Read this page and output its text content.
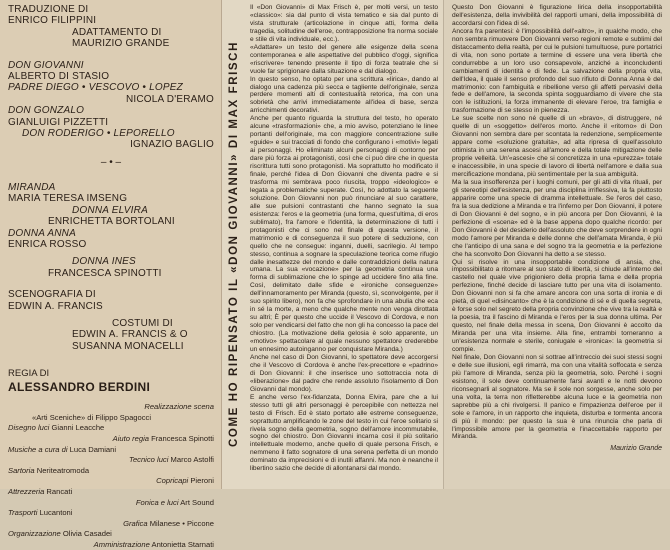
TRADUZIONE DI

ENRICO FILIPPINI

ADATTAMENTO DI

MAURIZIO GRANDE

DON GIOVANNI

ALBERTO DI STASIO

PADRE DIEGO • VESCOVO • LOPEZ

NICOLA D'ERAMO

DON GONZALO

GIANLUIGI PIZZETTI

DON RODERIGO • LEPORELLO

IGNAZIO BAGLIO

– • –

MIRANDA

MARIA TERESA IMSENG

DONNA ELVIRA

ENRICHETTA BORTOLANI

DONNA ANNA

ENRICA ROSSO

DONNA INES

FRANCESCA SPINOTTI

SCENOGRAFIA DI

EDWIN A. FRANCIS

COSTUMI DI

EDWIN A. FRANCIS & O

SUSANNA MONACELLI

REGIA DI

ALESSANDRO BERDINI

Realizzazione scena
«Arti Sceniche» di Filippo Spagocci
Disegno luci Gianni Leacche
Aiuto regia Francesca Spinotti
Musiche a cura di Luca Damiani
Tecnico luci Marco Astolfi
Sartoria Neriteatromoda
Copricapi Pieroni
Attrezzeria Rancati
Fonica e luci Art Sound
Trasporti Lucantoni
Grafica Milanese • Piccone
Organizzazione Olivia Casadei
Amministrazione Antonietta Starnati
COME HO RIPENSATO IL «DON GIOVANNI» DI MAX FRISCH

Il «Don Giovanni» di Max Frisch è, per molti versi, un testo «classico»: sia dal punto di vista tematico e sia dal punto di vista strutturale (articolazione in cinque atti, forma della tragedia, solitudine dell'eroe, contrapposizione fra norma sociale e stile di vita individuale, ecc.).

«Adattare» un testo del genere alle esigenze della scena contemporanea e alle aspettative del pubblico d'oggi, significa «riscrivere» tenendo presente il tipo di forza teatrale che si vuole far sprigionare dalla situazione e dal dialogo.

In questo senso, ho optato per una scrittura «lirica», dando al dialogo una cadenza più secca e tagliente dell'originale, senza perdere momenti alti di contestualità retorica, ma con una sobrietà che arrivi immediatamente all'idea di base, senza arricchimenti decorativi.

Anche per quanto riguarda la struttura del testo, ho operato alcune «trasformazioni» che, a mio avviso, potenziano le linee portanti dell'originale, ma con maggiore concentrazione sulle «guide» e sui tracciati di fondo che configurano i «motivi» legati ai personaggi. Ho eliminato alcuni personaggi di contorno per dare più forza ai protagonisti, così che ci può dire che in questa riscrittura tutti sono protagonisti. Ma soprattutto ho modificato il finale, perché l'idea di Don Giovanni che diventa padre e si trasforma mi sembrava poco riuscita, troppo «ideologico» e legata a problematiche superate. Così, ho adottato la seguente soluzione. Don Giovanni non può rinunciare al suo carattere, alle sue pulsioni contrastanti che hanno segnato la sua esistenza: l'eros e la geometria (una forma, quest'ultima, di eros sublimato), fra l'amore e l'identità, la determinazione di tutti i protagonisti che ci sono nel finale di questa versione, il matrimonio e di conseguenza il suo potere di seduzione, con quello che ne consegue: inganni, duelli, sacrilegio. Al tempo stesso, continua a sognare la speculazione teorica come rifugio dalle inesattezze del mondo e dalle contraddizioni della natura umana. La sua «vocazione» per la geometria continua una forma di sublimazione che lo spinge ad uccidere fino alla fine. Così, delimitato dalle sfide e «ironiche conseguenze» dell'innamoramento per Miranda (questo, sì, sconvolgente, per il suo spirito libero), non fa che sprofondare in una abulia che eca in sé la morte, a meno che qualche mente non venga dirottata su altri; È per questo che uccide il Vescovo di Cordova, e non solo per vendicarsi del fatto che non gli ha concesso la pace del chiostro. (La motivazione della gelosia è solo apparente, un «motivo» spettacolare al quale nessuno spettatore crederebbe un ennesimo autoinganno per conquistare Miranda.)

Anche nel caso di Don Giovanni, lo spettatore deve accorgersi che il Vescovo di Cordova è anche l'ex-precettore e «padrino» di Don Giovanni: il che inserisce uno sottotraccia nota di «liberazione» dal padre che rende assoluto l'isolamento di Don Giovanni dal mondo).

E anche verso l'ex-fidanzata, Donna Elvira, pare che a lui stesso tutti gli altri personaggi è percepibile con nettezza nel testo di Frisch. Ed è stato portato alle estreme conseguenze, soprattutto amplificando le zone del testo in cui l'eroe solitario si rivela sogno della geometria, sogno dell'amore incommutabile, sogno del chiostro. Don Giovanni incarna così il più solitario intellettuale moderno, anche quello di quale persona Frisch, e nemmeno il fatto sognatore di una serena perfetta di un mondo dominato da imprecisioni e di inutili affanni. Ma non è neanche il libertino sazio che decide di allontanarsi dal mondo.

Questo Don Giovanni è figurazione lirica della insopportabilità dell'esistenza, della invivibilità del rapporti umani, della impossibilità di accordarsi con l'idea di sé.

Ancora fra parentesi: è l'impossibilità dell'«altro», in qualche modo, che non sembra rimuovere Don Giovanni verso regioni remote e sublimi del distaccamento della realtà, per cui le pulsioni tumultuose, pure portatrici di vita, non sono portate a termine di essere una vera libertà che condurrebbe a un loro uso consapevole, anziché a inconcludenti cambiamenti di identità e di fede. La salvazione della propria vita, dell'Idea, il quale il senso profondo del suo rifiuto di Donna Anna è del matrimonio: con l'ambiguità e ribellione verso gli affetti pervasivi della fede e dell'amore, la seconda spinta sogguardiamo di vivere che sta con le istituzioni, la forza immanente di elevare l'eroe, tra famiglia e trasformazione di se stesso in pienezza.

Le sue scelte non sono né quelle di un «bravo», di distruggere, né quelle di un «soggetto» dell'eros morto. Anche il «ritorno» di Don Giovanni non sembra dare per scontata la redenzione, semplicemente appare come «soluzione gratuita», ad alta ripresa di quell'assoluto ottimista in una serena ascesi all'amore e della totale mitigazione delle proprie velleità. Un'«ascesi» che si concretizza in una «purezza» totale e inaccessibile, in una specie di lavoro di libertà nell'amore e dalla sua mercificazione mondana, più sentimentale per la sua ambiguità.

Ma la sua insofferenza per i luoghi comuni, per gli atti di vita rituali, per gli stereotipi dell'esistenza, per una disciplina irriflessiva, la fa piuttosto apparire come una specie di dramma intellettuale. Se l'eros del caso, fra la sua dedizione a Miranda e tra l'inferno per Don Giovanni, il potere di Don Giovanni è del sogno, e in più ancora per Don Giovanni, è la perfezione di «scena» ed è la base appena dopo qualche ricordo: per Don Giovanni è del desiderio dell'assoluto che deve sorprendere in ogni modo l'amore per Miranda e delle donne che dell'amata Miranda, è più che l'anticipo di una sana e del sogno tra la geometria e la perfezione che ha sconvolto Don Giovanni ha detto a se stesso.

Qui si risolve in una insopportabile condizione di ansia, che, impossibilitato a ritornare al suo stato di libertà, si chiude all'interno del castello nel quale vive prigioniero della propria fama e della propria perfezione, finché decide di lasciare tutto per una vita di isolamento. Don Giovanni non si fa che amare ancora con una sorta di ironia e di pietà, di quel «disincanto» che è la condizione di sé e di quella segreta, è forse solo nel segreto della propria convinzione che vive tra la realtà e la poesia, tra il fascino di Miranda e l'eros per la sua donna ultima. Per questo, nel finale della messa in scena, Don Giovanni è accolto da Miranda per una vita insieme. Alla fine, entrambi torneranno a un'esistenza normale e sterile, coniugale e «ironica»: la geometria si compie.

Nel finale, Don Giovanni non si sottrae all'intreccio dei suoi stessi sogni e delle sue illusioni, egli rimarrà, ma con una vitalità soffocata e senza più l'amore di Miranda, senza più la geometria, solo. Perché i sogni esistono, il sole deve continuamente farsi avanti e le notti devono riconsegnarli al sognatore. Ma se il sole non sorgesse, anche solo per una volta, la terra non rifletterebbe alcuna luce e la geometria non saprebbe più a chi rivolgersi. Il panico e l'impazienza dell'eroe per il sole e l'amore, in un rapporto che inquieta, disturba e tormenta ancora di più il mondo: per questo la sua è una rinuncia che parla di l'impossibile amore per la geometria e l'inaccettabile rapporto per Miranda.

Maurizio Grande
